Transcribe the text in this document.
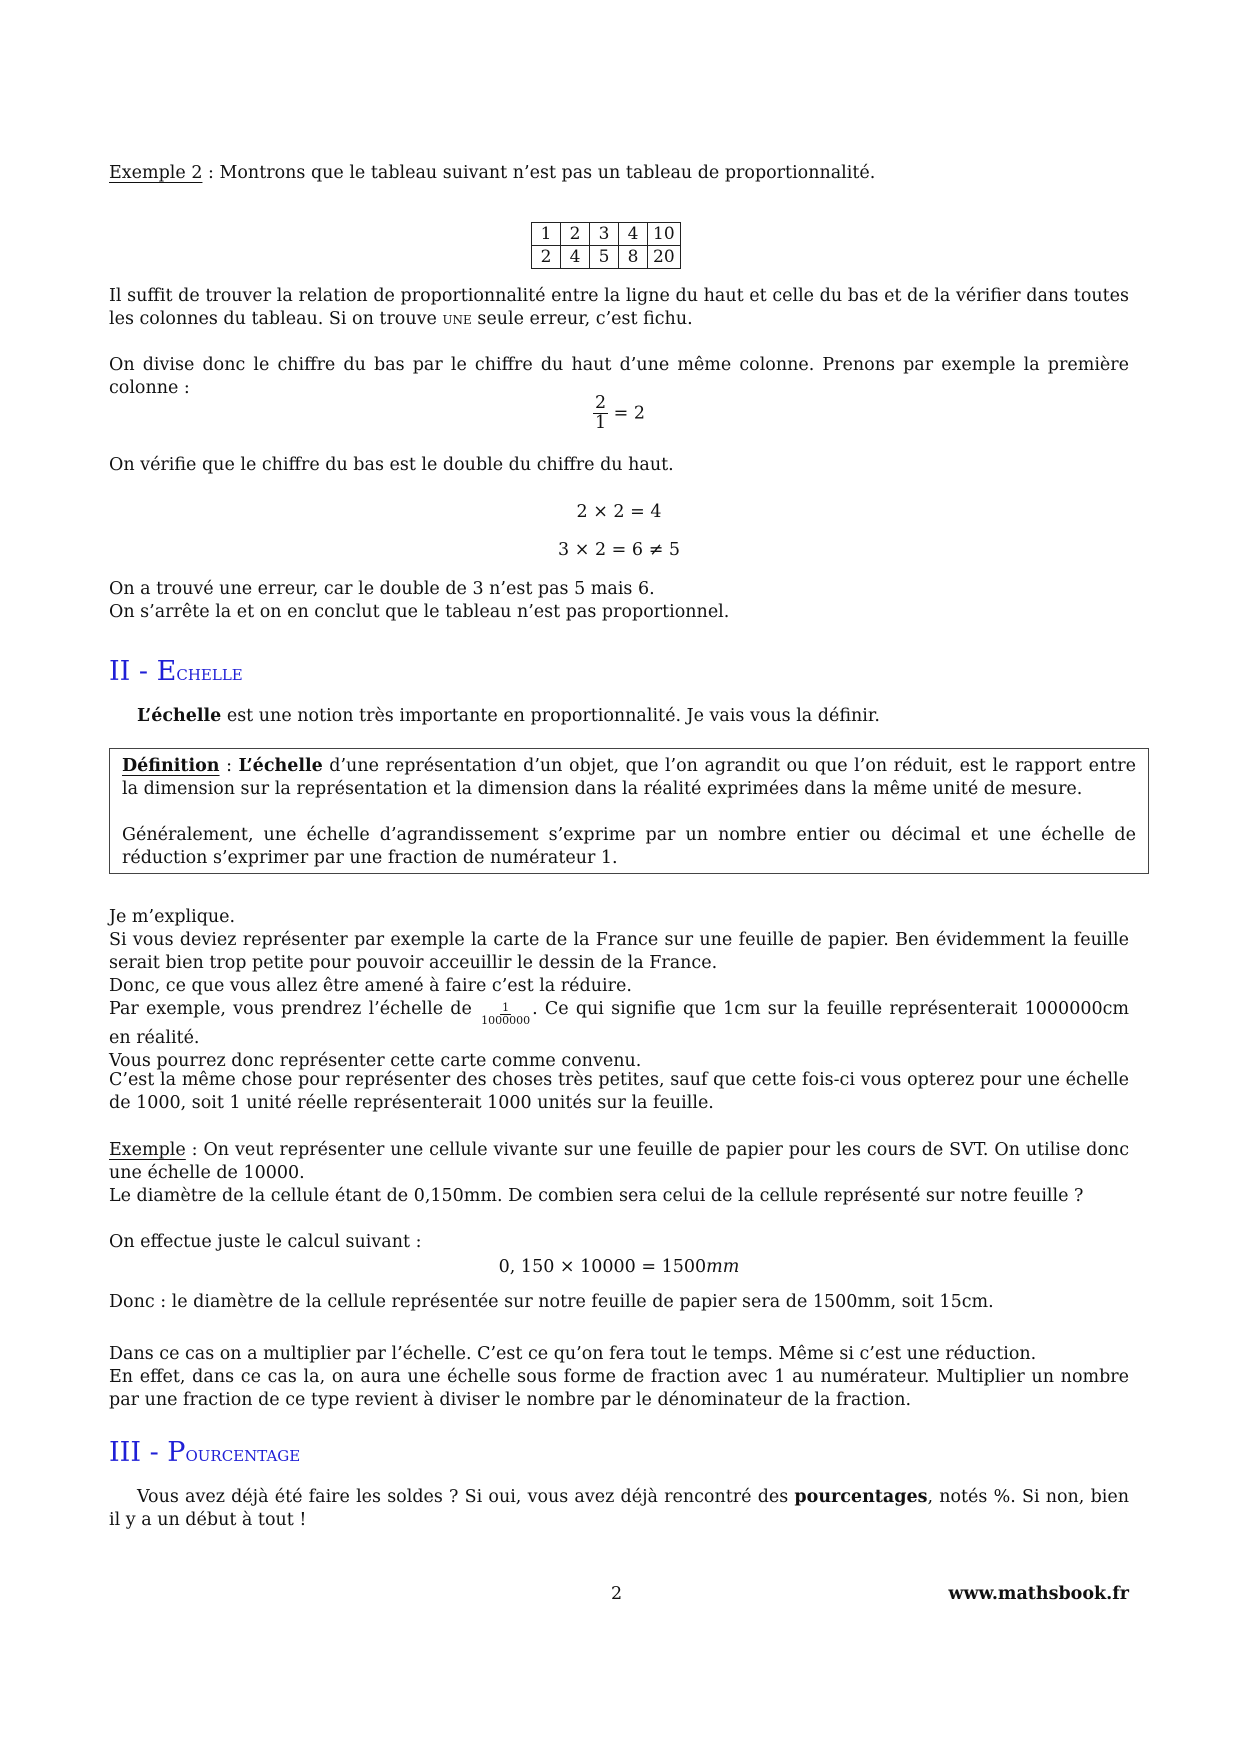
Exemple 2 : Montrons que le tableau suivant n’est pas un tableau de proportionnalité.
1	2	3	4	10
2	4	5	8	20
Il suffit de trouver la relation de proportionnalité entre la ligne du haut et celle du bas et de la vérifier dans toutes les colonnes du tableau. Si on trouve une seule erreur, c’est fichu.
On divise donc le chiffre du bas par le chiffre du haut d’une même colonne. Prenons par exemple la première colonne :
$\frac{2}{1} = 2$
On vérifie que le chiffre du bas est le double du chiffre du haut.
2 × 2 = 4
3 × 2 = 6 ≠ 5
On a trouvé une erreur, car le double de 3 n’est pas 5 mais 6.
On s’arrête la et on en conclut que le tableau n’est pas proportionnel.
II - Echelle
L’échelle est une notion très importante en proportionnalité. Je vais vous la définir.
Définition : L’échelle d’une représentation d’un objet, que l’on agrandit ou que l’on réduit, est le rapport entre la dimension sur la représentation et la dimension dans la réalité exprimées dans la même unité de mesure.
Généralement, une échelle d’agrandissement s’exprime par un nombre entier ou décimal et une échelle de réduction s’exprimer par une fraction de numérateur 1.
Je m’explique.
Si vous deviez représenter par exemple la carte de la France sur une feuille de papier. Ben évidemment la feuille serait bien trop petite pour pouvoir acceuillir le dessin de la France.
Donc, ce que vous allez être amené à faire c’est la réduire.
Par exemple, vous prendrez l’échelle de $\frac{1}{1000000}$ . Ce qui signifie que 1cm sur la feuille représenterait 1000000cm en réalité.
Vous pourrez donc représenter cette carte comme convenu.
C’est la même chose pour représenter des choses très petites, sauf que cette fois-ci vous opterez pour une échelle de 1000, soit 1 unité réelle représenterait 1000 unités sur la feuille.
Exemple : On veut représenter une cellule vivante sur une feuille de papier pour les cours de SVT. On utilise donc une échelle de 10000.
Le diamètre de la cellule étant de 0,150mm. De combien sera celui de la cellule représenté sur notre feuille ?
On effectue juste le calcul suivant :
0, 150 × 10000 = 1500mm
Donc : le diamètre de la cellule représentée sur notre feuille de papier sera de 1500mm, soit 15cm.
Dans ce cas on a multiplier par l’échelle. C’est ce qu’on fera tout le temps. Même si c’est une réduction.
En effet, dans ce cas la, on aura une échelle sous forme de fraction avec 1 au numérateur. Multiplier un nombre par une fraction de ce type revient à diviser le nombre par le dénominateur de la fraction.
III - Pourcentage
Vous avez déjà été faire les soldes ? Si oui, vous avez déjà rencontré des pourcentages, notés %. Si non, bien il y a un début à tout !
2	www.mathsbook.fr
